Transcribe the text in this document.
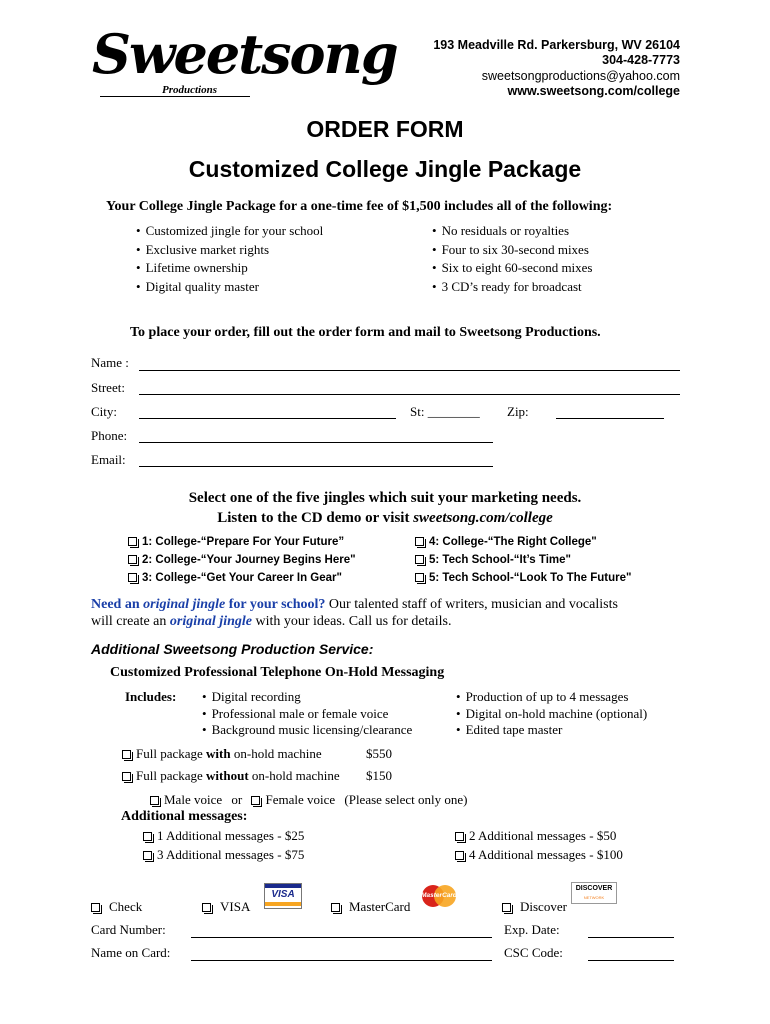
Sweetsong
Productions
193 Meadville Rd. Parkersburg, WV 26104
304-428-7773
sweetsongproductions@yahoo.com
www.sweetsong.com/college
ORDER FORM
Customized College Jingle Package
Your College Jingle Package for a one-time fee of $1,500 includes all of the following:
• Customized jingle for your school
• Exclusive market rights
• Lifetime ownership
• Digital quality master
• No residuals or royalties
• Four to six 30-second mixes
• Six to eight 60-second mixes
• 3 CD’s ready for broadcast
To place your order, fill out the order form and mail to Sweetsong Productions.
Name :
Street:
City:	St: ________ Zip:
Phone:
Email:
Select one of the five jingles which suit your marketing needs.
Listen to the CD demo or visit sweetsong.com/college
1: College-“Prepare For Your Future”
2: College-“Your Journey Begins Here"
3: College-“Get Your Career In Gear"
4: College-“The Right College"
5: Tech School-“It’s Time"
5: Tech School-“Look To The Future"
Need an original jingle for your school? Our talented staff of writers, musician and vocalists
will create an original jingle with your ideas. Call us for details.
Additional Sweetsong Production Service:
Customized Professional Telephone On-Hold Messaging
Includes:
•	Digital recording
• Professional male or female voice
• Background music licensing/clearance
• Production of up to 4 messages
• Digital on-hold machine (optional)
• Edited tape master
Full package with on-hold machine	$550
Full package without on-hold machine $150
Male voice or Female voice (Please select only one)
Additional messages:
1 Additional messages - $25
3 Additional messages - $75
2 Additional messages - $50
4 Additional messages - $100
Check	VISA	MasterCard	Discover
VISA	MasterCard
DISCOVER
NETWORK
Card Number:	Exp. Date:
Name on Card:	CSC Code:
